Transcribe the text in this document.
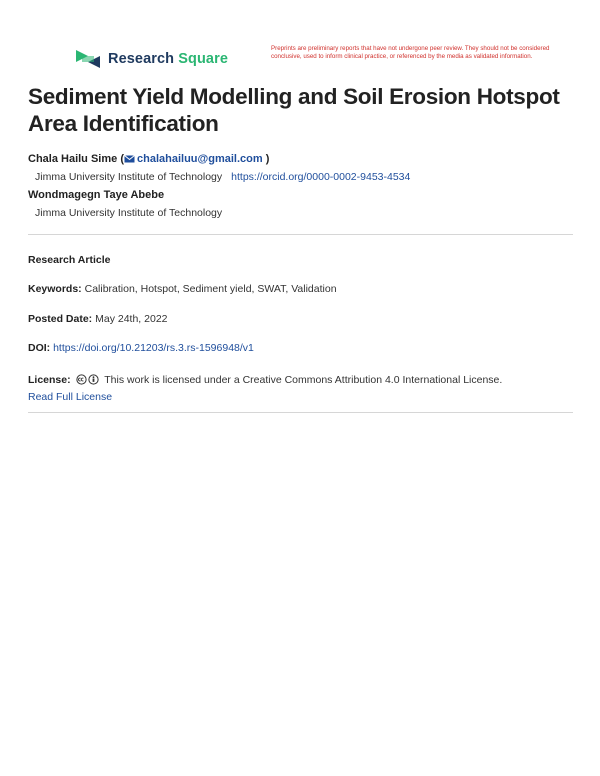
Research Square
Preprints are preliminary reports that have not undergone peer review. They should not be considered conclusive, used to inform clinical practice, or referenced by the media as validated information.
Sediment Yield Modelling and Soil Erosion Hotspot Area Identification
Chala Hailu Sime ( chalahailuu@gmail.com )
Jimma University Institute of Technology https://orcid.org/0000-0002-9453-4534
Wondmagegn Taye Abebe
Jimma University Institute of Technology
Research Article
Keywords: Calibration, Hotspot, Sediment yield, SWAT, Validation
Posted Date: May 24th, 2022
DOI: https://doi.org/10.21203/rs.3.rs-1596948/v1
License:	This work is licensed under a Creative Commons Attribution 4.0 International License.
Read Full License
